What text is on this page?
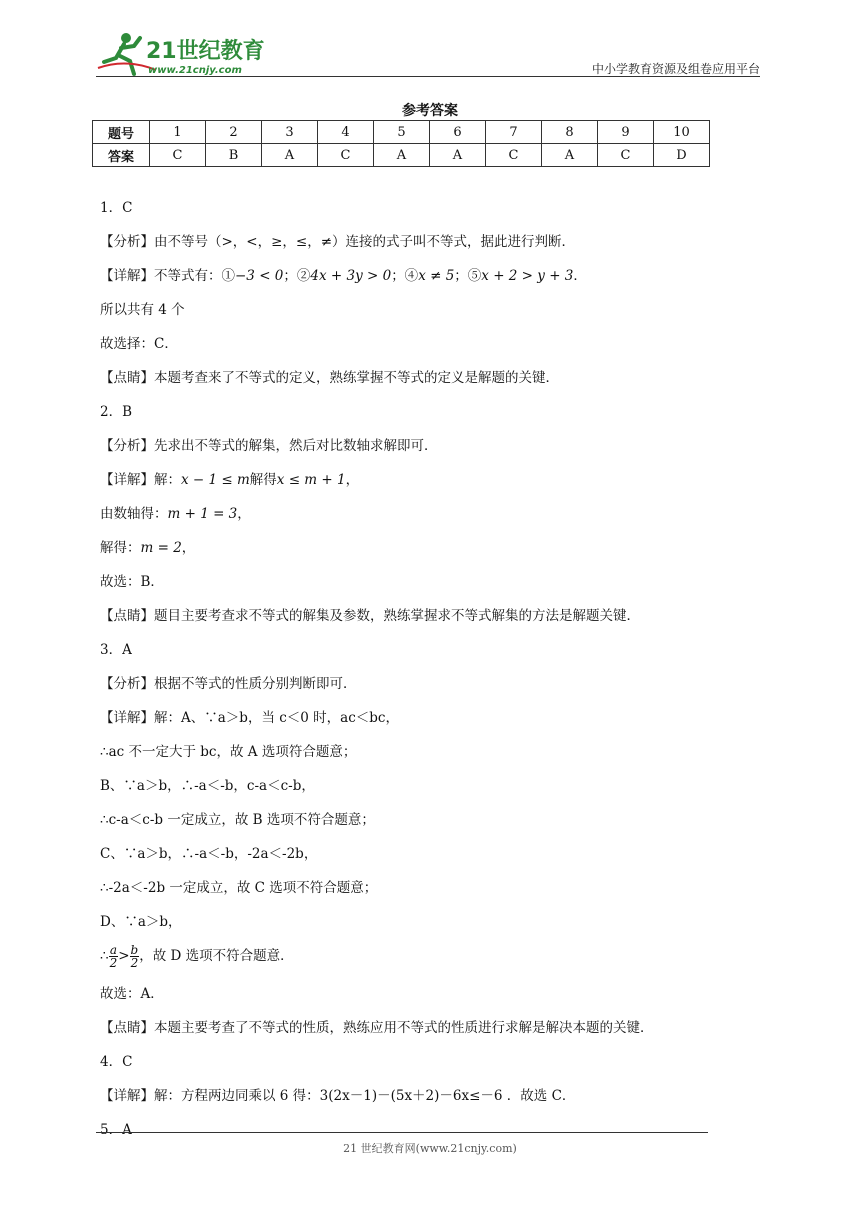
21世纪教育
www.21cnjy.com	中小学教育资源及组卷应用平台
参考答案
题号	1	2	3	4	5	6	7	8	9	10
答案	C	B	A	C	A	A	C	A	C	D
1．C
【分析】由不等号（>，<，≥，≤，≠）连接的式子叫不等式，据此进行判断．
【详解】不等式有：①−3 < 0；②4x + 3y > 0；④x ≠ 5；⑤x + 2 > y + 3．
所以共有 4 个
故选择：C．
【点睛】本题考查来了不等式的定义，熟练掌握不等式的定义是解题的关键．
2．B
【分析】先求出不等式的解集，然后对比数轴求解即可．
【详解】解：x − 1 ≤ m解得x ≤ m + 1，
由数轴得：m + 1 = 3，
解得：m = 2，
故选：B．
【点睛】题目主要考查求不等式的解集及参数，熟练掌握求不等式解集的方法是解题关键．
3．A
【分析】根据不等式的性质分别判断即可．
【详解】解：A、∵a＞b，当 c＜0 时，ac＜bc，
∴ac 不一定大于 bc，故 A 选项符合题意；
B、∵a＞b，∴-a＜-b，c-a＜c-b，
∴c-a＜c-b 一定成立，故 B 选项不符合题意；
C、∵a＞b，∴-a＜-b，-2a＜-2b，
∴-2a＜-2b 一定成立，故 C 选项不符合题意；
D、∵a＞b，
∴ $\frac{a}{2} > \frac{b}{2}$ ，故 D 选项不符合题意．
故选：A．
【点睛】本题主要考查了不等式的性质，熟练应用不等式的性质进行求解是解决本题的关键．
4．C
【详解】解：方程两边同乘以 6 得：3(2x－1)－(5x＋2)－6x≤－6 ．故选 C．
5．A
21 世纪教育网(www.21cnjy.com)
